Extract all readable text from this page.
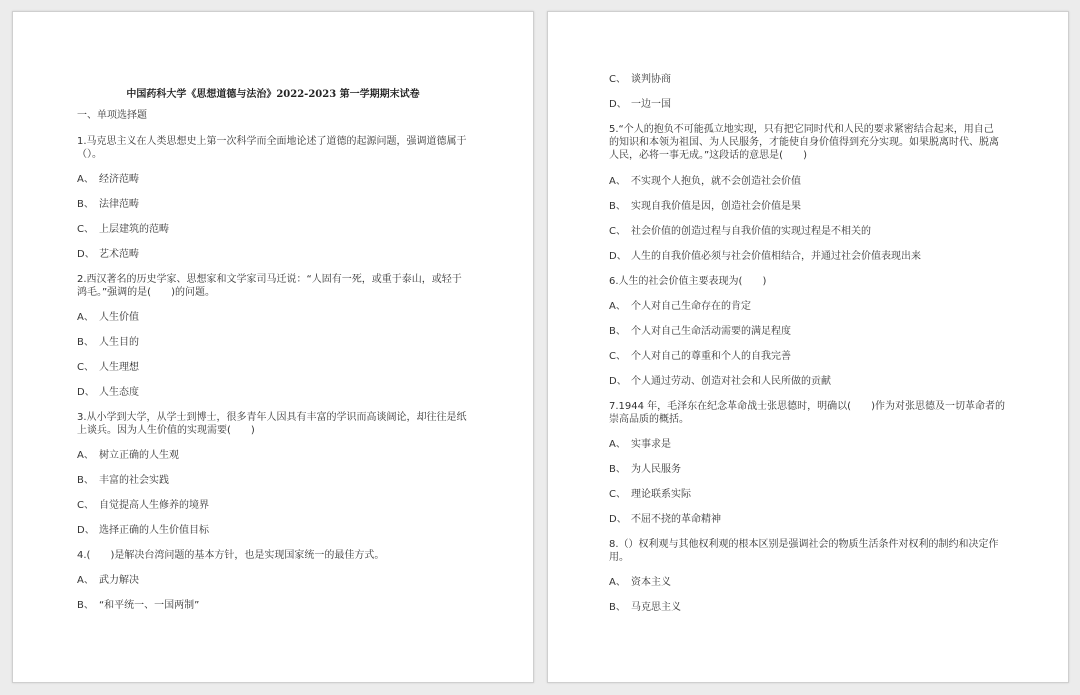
中国药科大学《思想道德与法治》2022-2023 第一学期期末试卷
一、单项选择题
1.马克思主义在人类思想史上第一次科学而全面地论述了道德的起源问题，强调道德属于
（）。
A、 经济范畴
B、 法律范畴
C、 上层建筑的范畴
D、 艺术范畴
2.西汉著名的历史学家、思想家和文学家司马迁说：“人固有一死，或重于泰山，或轻于
鸿毛。”强调的是(　　)的问题。
A、 人生价值
B、 人生目的
C、 人生理想
D、 人生态度
3.从小学到大学，从学士到博士，很多青年人因具有丰富的学识而高谈阔论，却往往是纸
上谈兵。因为人生价值的实现需要(　　)
A、 树立正确的人生观
B、 丰富的社会实践
C、 自觉提高人生修养的境界
D、 选择正确的人生价值目标
4.(　　)是解决台湾问题的基本方针，也是实现国家统一的最佳方式。
A、 武力解决
B、 “和平统一、一国两制”
C、 谈判协商
D、 一边一国
5.“个人的抱负不可能孤立地实现，只有把它同时代和人民的要求紧密结合起来，用自己
的知识和本领为祖国、为人民服务，才能使自身价值得到充分实现。如果脱离时代、脱离
人民，必将一事无成。”这段话的意思是(　　)
A、 不实现个人抱负，就不会创造社会价值
B、 实现自我价值是因，创造社会价值是果
C、 社会价值的创造过程与自我价值的实现过程是不相关的
D、 人生的自我价值必须与社会价值相结合，并通过社会价值表现出来
6.人生的社会价值主要表现为(　　)
A、 个人对自己生命存在的肯定
B、 个人对自己生命活动需要的满足程度
C、 个人对自己的尊重和个人的自我完善
D、 个人通过劳动、创造对社会和人民所做的贡献
7.1944 年，毛泽东在纪念革命战士张思德时，明确以(　　)作为对张思德及一切革命者的
崇高品质的概括。
A、 实事求是
B、 为人民服务
C、 理论联系实际
D、 不屈不挠的革命精神
8.（）权利观与其他权利观的根本区别是强调社会的物质生活条件对权利的制约和决定作
用。
A、 资本主义
B、 马克思主义
